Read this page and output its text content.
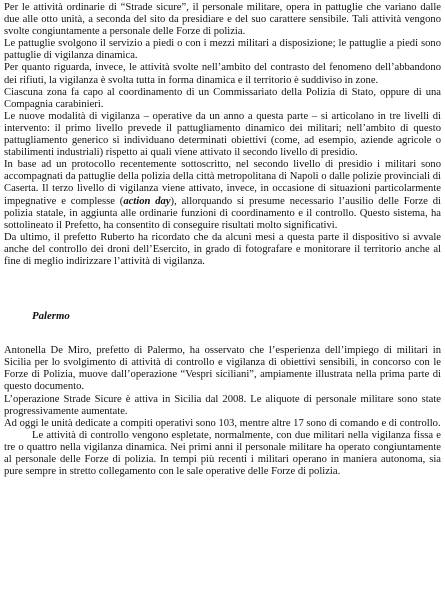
Per le attività ordinarie di “Strade sicure”, il personale militare, opera in pattuglie che variano dalle due alle otto unità, a seconda del sito da presidiare e del suo carattere sensibile. Tali attività vengono svolte congiuntamente a personale delle Forze di polizia.

Le pattuglie svolgono il servizio a piedi o con i mezzi militari a disposizione; le pattuglie a piedi sono pattuglie di vigilanza dinamica.

Per quanto riguarda, invece, le attività svolte nell’ambito del contrasto del fenomeno dell’abbandono dei rifiuti, la vigilanza è svolta tutta in forma dinamica e il territorio è suddiviso in zone.

Ciascuna zona fa capo al coordinamento di un Commissariato della Polizia di Stato, oppure di una Compagnia carabinieri.

Le nuove modalità di vigilanza – operative da un anno a questa parte – si articolano in tre livelli di intervento: il primo livello prevede il pattugliamento dinamico dei militari; nell’ambito di questo pattugliamento generico si individuano determinati obiettivi (come, ad esempio, aziende agricole o stabilimenti industriali) rispetto ai quali viene attivato il secondo livello di presidio.

In base ad un protocollo recentemente sottoscritto, nel secondo livello di presidio i militari sono accompagnati da pattuglie della polizia della città metropolitana di Napoli o dalle polizie provinciali di Caserta. Il terzo livello di vigilanza viene attivato, invece, in occasione di situazioni particolarmente impegnative e complesse (action day), allorquando si presume necessario l’ausilio delle Forze di polizia statale, in aggiunta alle ordinarie funzioni di coordinamento e il controllo. Questo sistema, ha sottolineato il Prefetto, ha consentito di conseguire risultati molto significativi.

Da ultimo, il prefetto Ruberto ha ricordato che da alcuni mesi a questa parte il dispositivo si avvale anche del controllo dei droni dell’Esercito, in grado di fotografare e monitorare il territorio anche al fine di meglio indirizzare l’attività di vigilanza.

Palermo

Antonella De Miro, prefetto di Palermo, ha osservato che l’esperienza dell’impiego di militari in Sicilia per lo svolgimento di attività di controllo e vigilanza di obiettivi sensibili, in concorso con le Forze di Polizia, muove dall’operazione “Vespri siciliani”, ampiamente illustrata nella prima parte di questo documento.

L’operazione Strade Sicure è attiva in Sicilia dal 2008. Le aliquote di personale militare sono state progressivamente aumentate.

Ad oggi le unità dedicate a compiti operativi sono 103, mentre altre 17 sono di comando e di controllo.

Le attività di controllo vengono espletate, normalmente, con due militari nella vigilanza fissa e tre o quattro nella vigilanza dinamica. Nei primi anni il personale militare ha operato congiuntamente al personale delle Forze di polizia. In tempi più recenti i militari operano in maniera autonoma, sia pure sempre in stretto collegamento con le sale operative delle Forze di polizia.
